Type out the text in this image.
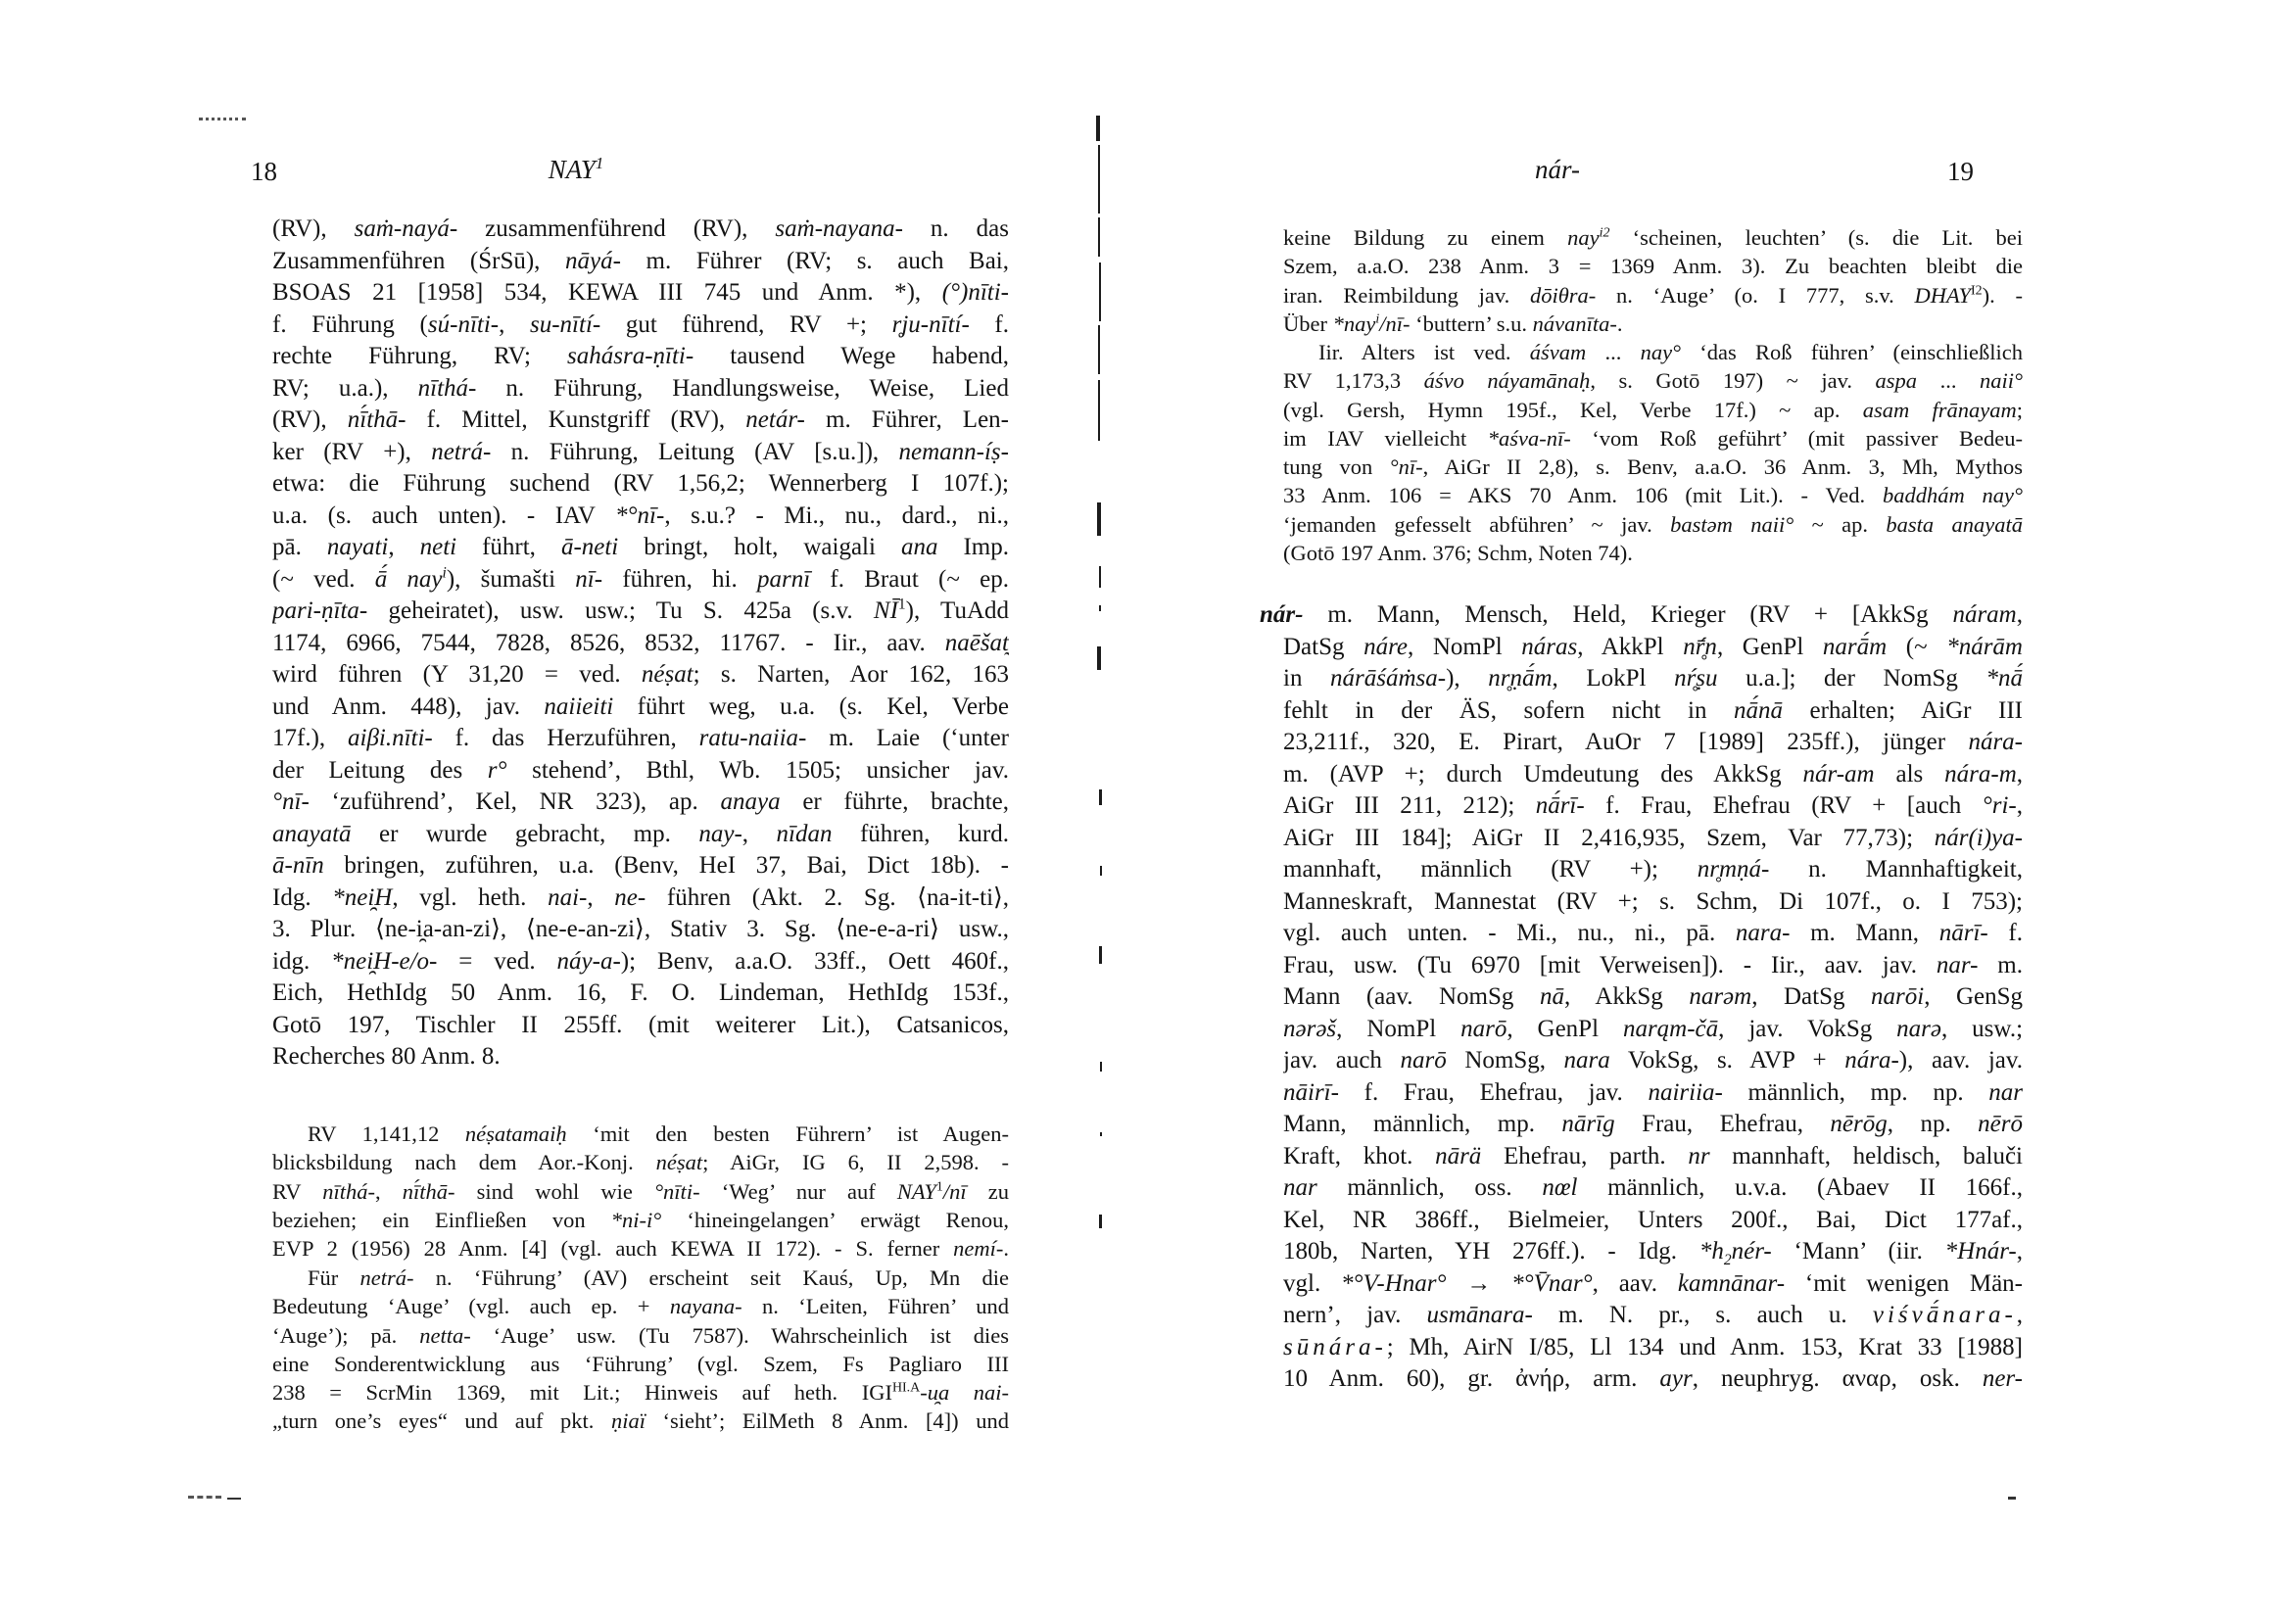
18	NAY$^1$
(RV), saṁ-nayá- zusammenführend (RV), saṁ-nayana- n. das
Zusammenführen (ŚrSū), nāyá- m. Führer (RV; s. auch Bai,
BSOAS 21 [1958] 534, KEWA III 745 und Anm. *), (°)nīti-
f. Führung (sú-nīti-, su-nītí- gut führend, RV +; r̥ju-nītí- f.
rechte Führung, RV; sahásra-ṇīti- tausend Wege habend,
RV; u.a.), nīthá- n. Führung, Handlungsweise, Weise, Lied
(RV), nī́thā- f. Mittel, Kunstgriff (RV), netár- m. Führer, Len-
ker (RV +), netrá- n. Führung, Leitung (AV [s.u.]), nemann-íṣ-
etwa: die Führung suchend (RV 1,56,2; Wennerberg I 107f.);
u.a. (s. auch unten). - IAV *°nī-, s.u.? - Mi., nu., dard., ni.,
pā. nayati, neti führt, ā-neti bringt, holt, waigali ana Imp.
(~ ved. ā́ nay$^i$), šumašti nī- führen, hi. parnī f. Braut (~ ep.
pari-ṇīta- geheiratet), usw. usw.; Tu S. 425a (s.v. $NĪ^1$), TuAdd
1174, 6966, 7544, 7828, 8526, 8532, 11767. - Iir., aav. naēšat̰
wird führen (Y 31,20 = ved. néṣat; s. Narten, Aor 162, 163
und Anm. 448), jav. naiieiti führt weg, u.a. (s. Kel, Verbe
17f.), aiβi.nīti- f. das Herzuführen, ratu-naiia- m. Laie (‘unter
der Leitung des r° stehend’, Bthl, Wb. 1505; unsicher jav.
°nī- ‘zuführend’, Kel, NR 323), ap. anaya er führte, brachte,
anayatā er wurde gebracht, mp. nay-, nīdan führen, kurd.
ā-nīn bringen, zuführen, u.a. (Benv, HeI 37, Bai, Dict 18b). -
Idg. *nei̯H, vgl. heth. nai-, ne- führen (Akt. 2. Sg. ⟨na-it-ti⟩,
3. Plur. ⟨ne-i̯a-an-zi⟩, ⟨ne-e-an-zi⟩, Stativ 3. Sg. ⟨ne-e-a-ri⟩ usw.,
idg. *nei̯H-e/o- = ved. náy-a-); Benv, a.a.O. 33ff., Oett 460f.,
Eich, HethIdg 50 Anm. 16, F. O. Lindeman, HethIdg 153f.,
Gotō 197, Tischler II 255ff. (mit weiterer Lit.), Catsanicos,
Recherches 80 Anm. 8.
RV 1,141,12 néṣatamaiḥ ‘mit den besten Führern’ ist Augen-
blicksbildung nach dem Aor.-Konj. néṣat; AiGr, IG 6, II 2,598. -
RV nīthá-, nī́thā- sind wohl wie °nīti- ‘Weg’ nur auf NAY$^1$/nī zu
beziehen; ein Einfließen von *ni-i° ‘hineingelangen’ erwägt Renou,
EVP 2 (1956) 28 Anm. [4] (vgl. auch KEWA II 172). - S. ferner nemí-.
Für netrá- n. ‘Führung’ (AV) erscheint seit Kauś, Up, Mn die
Bedeutung ‘Auge’ (vgl. auch ep. + nayana- n. ‘Leiten, Führen’ und
‘Auge’); pā. netta- ‘Auge’ usw. (Tu 7587). Wahrscheinlich ist dies
eine Sonderentwicklung aus ‘Führung’ (vgl. Szem, Fs Pagliaro III
238 = ScrMin 1369, mit Lit.; Hinweis auf heth. $IGI^{HI.A}-u̯a$ nai-
„turn one’s eyes“ und auf pkt. ṇiaï ‘sieht’; EilMeth 8 Anm. [4]) und
nár-	19
keine Bildung zu einem nay$^{i2}$ ‘scheinen, leuchten’ (s. die Lit. bei
Szem, a.a.O. 238 Anm. 3 = 1369 Anm. 3). Zu beachten bleibt die
iran. Reimbildung jav. dōiθra- n. ‘Auge’ (o. I 777, s.v. $DHAY^{I2}$). -
Über *nay$^i$/nī- ‘buttern’ s.u. návanīta-.
Iir. Alters ist ved. áśvam ... nay° ‘das Roß führen’ (einschließlich
RV 1,173,3 áśvo náyamānaḥ, s. Gotō 197) ~ jav. aspa ... naii°
(vgl. Gersh, Hymn 195f., Kel, Verbe 17f.) ~ ap. asam frānayam;
im IAV vielleicht *aśva-nī- ‘vom Roß geführt’ (mit passiver Bedeu-
tung von °nī-, AiGr II 2,8), s. Benv, a.a.O. 36 Anm. 3, Mh, Mythos
33 Anm. 106 = AKS 70 Anm. 106 (mit Lit.). - Ved. baddhám nay°
‘jemanden gefesselt abführen’ ~ jav. bastəm naii° ~ ap. basta anayatā
(Gotō 197 Anm. 376; Schm, Noten 74).
nár- m. Mann, Mensch, Held, Krieger (RV + [AkkSg náram,
DatSg náre, NomPl náras, AkkPl nr̥̄́n, GenPl narā́m (~ *nárām
in nárāśáṁsa-), nr̥ṇā́m, LokPl nŕ̥ṣu u.a.]; der NomSg *nā́
fehlt in der ÄS, sofern nicht in nā́nā erhalten; AiGr III
23,211f., 320, E. Pirart, AuOr 7 [1989] 235ff.), jünger nára-
m. (AVP +; durch Umdeutung des AkkSg nár-am als nára-m,
AiGr III 211, 212); nā́rī- f. Frau, Ehefrau (RV + [auch °ri-,
AiGr III 184]; AiGr II 2,416,935, Szem, Var 77,73); nár(i)ya-
mannhaft, männlich (RV +); nr̥mṇá- n. Mannhaftigkeit,
Manneskraft, Mannestat (RV +; s. Schm, Di 107f., o. I 753);
vgl. auch unten. - Mi., nu., ni., pā. nara- m. Mann, nārī- f.
Frau, usw. (Tu 6970 [mit Verweisen]). - Iir., aav. jav. nar- m.
Mann (aav. NomSg nā, AkkSg narəm, DatSg narōi, GenSg
nərəš, NomPl narō, GenPl narąm-čā, jav. VokSg narə, usw.;
jav. auch narō NomSg, nara VokSg, s. AVP + nára-), aav. jav.
nāirī- f. Frau, Ehefrau, jav. nairiia- männlich, mp. np. nar
Mann, männlich, mp. nārīg Frau, Ehefrau, nērōg, np. nērō
Kraft, khot. nārä Ehefrau, parth. nr mannhaft, heldisch, baluči
nar männlich, oss. nœl männlich, u.v.a. (Abaev II 166f.,
Kel, NR 386ff., Bielmeier, Unters 200f., Bai, Dict 177af.,
180b, Narten, YH 276ff.). - Idg. $*h_2nér-$ ‘Mann’ (iir. *Hnár-,
vgl. *°V-Hnar° → *°V̄nar°, aav. kamnānar- ‘mit wenigen Män-
nern’, jav. usmānara- m. N. pr., s. auch u. viśvā́nara-,
sūnára-; Mh, AirN I/85, Ll 134 und Anm. 153, Krat 33 [1988]
10 Anm. 60), gr. ἀνήρ, arm. ayr, neuphryg. αναρ, osk. ner-
